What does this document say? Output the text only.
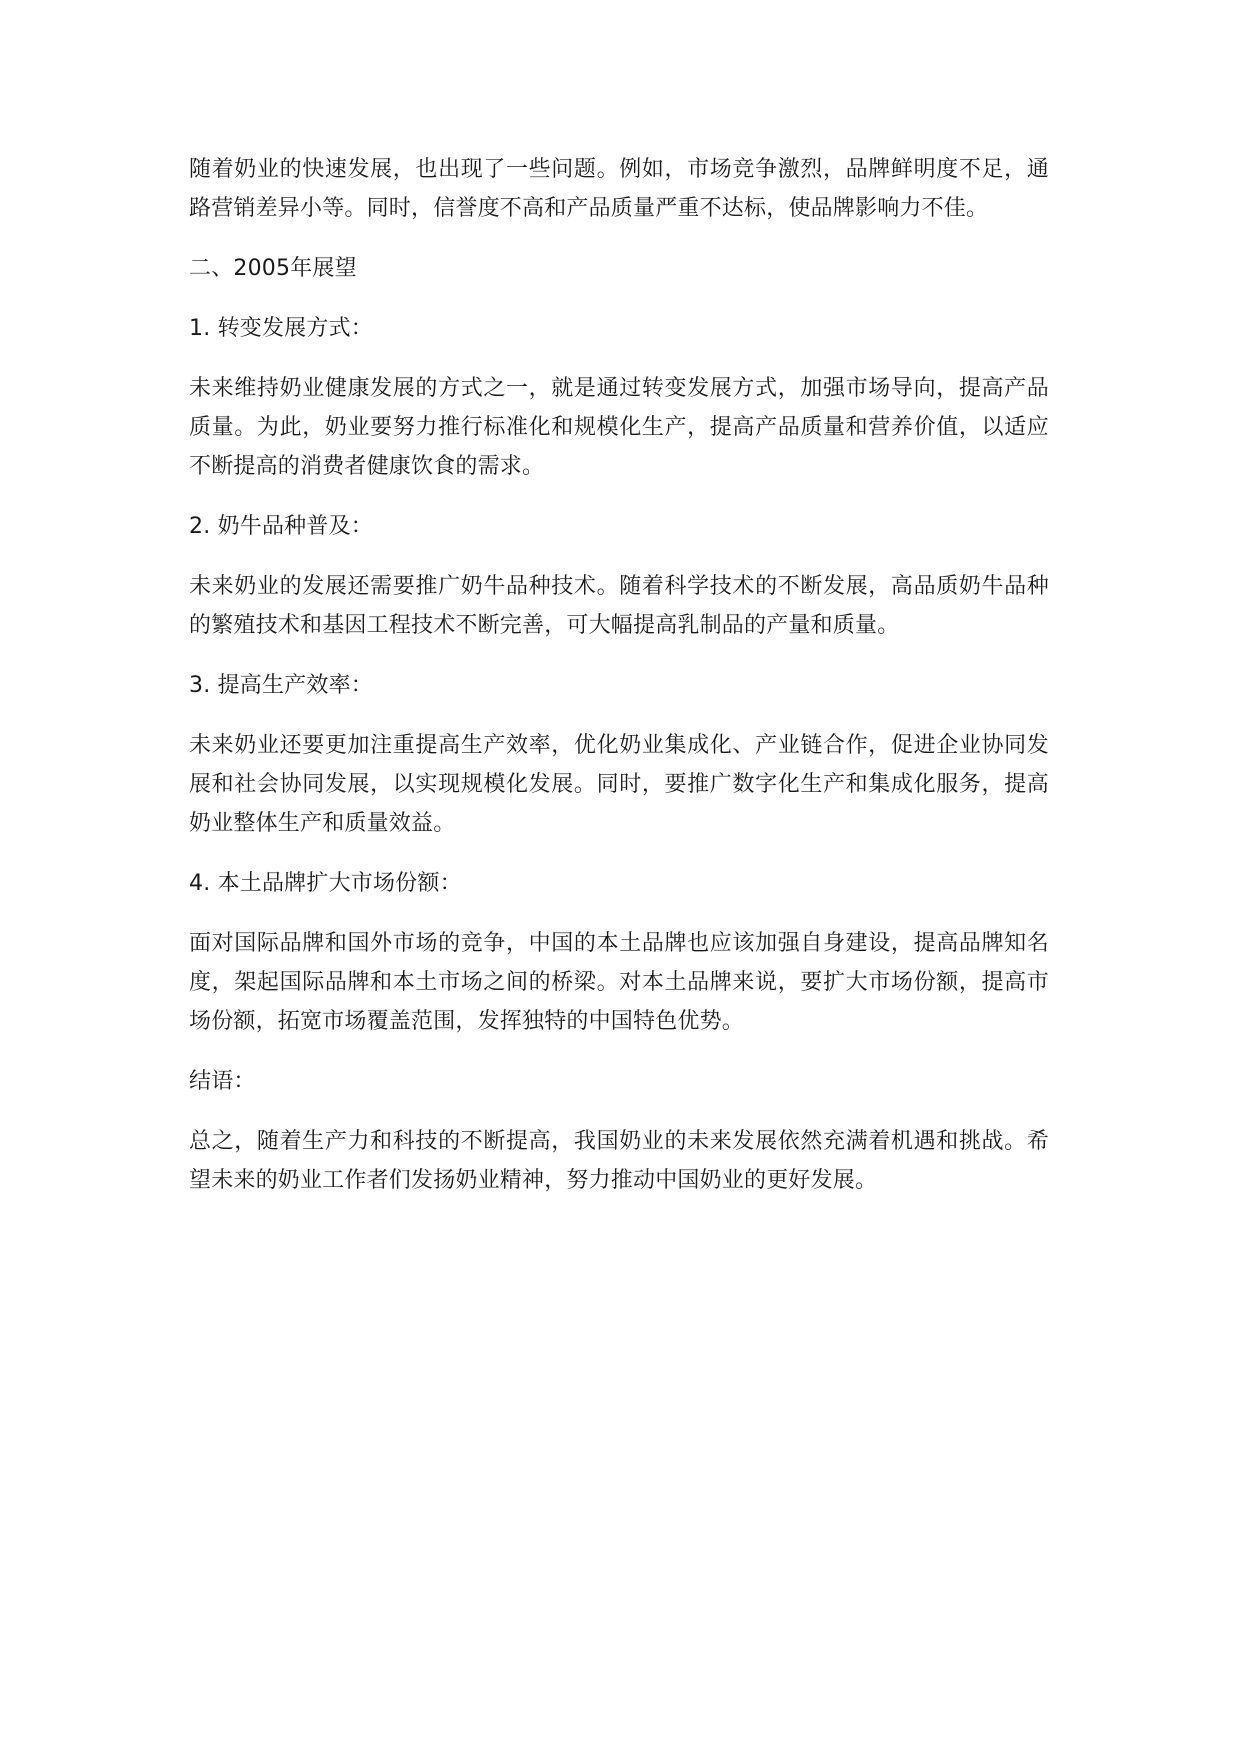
随着奶业的快速发展，也出现了一些问题。例如，市场竞争激烈，品牌鲜明度不足，通路营销差异小等。同时，信誉度不高和产品质量严重不达标，使品牌影响力不佳。

二、2005年展望

1. 转变发展方式：

未来维持奶业健康发展的方式之一，就是通过转变发展方式，加强市场导向，提高产品质量。为此，奶业要努力推行标准化和规模化生产，提高产品质量和营养价值，以适应不断提高的消费者健康饮食的需求。

2. 奶牛品种普及：

未来奶业的发展还需要推广奶牛品种技术。随着科学技术的不断发展，高品质奶牛品种的繁殖技术和基因工程技术不断完善，可大幅提高乳制品的产量和质量。

3. 提高生产效率：

未来奶业还要更加注重提高生产效率，优化奶业集成化、产业链合作，促进企业协同发展和社会协同发展，以实现规模化发展。同时，要推广数字化生产和集成化服务，提高奶业整体生产和质量效益。

4. 本土品牌扩大市场份额：

面对国际品牌和国外市场的竞争，中国的本土品牌也应该加强自身建设，提高品牌知名度，架起国际品牌和本土市场之间的桥梁。对本土品牌来说，要扩大市场份额，提高市场份额，拓宽市场覆盖范围，发挥独特的中国特色优势。

结语：

总之，随着生产力和科技的不断提高，我国奶业的未来发展依然充满着机遇和挑战。希望未来的奶业工作者们发扬奶业精神，努力推动中国奶业的更好发展。
